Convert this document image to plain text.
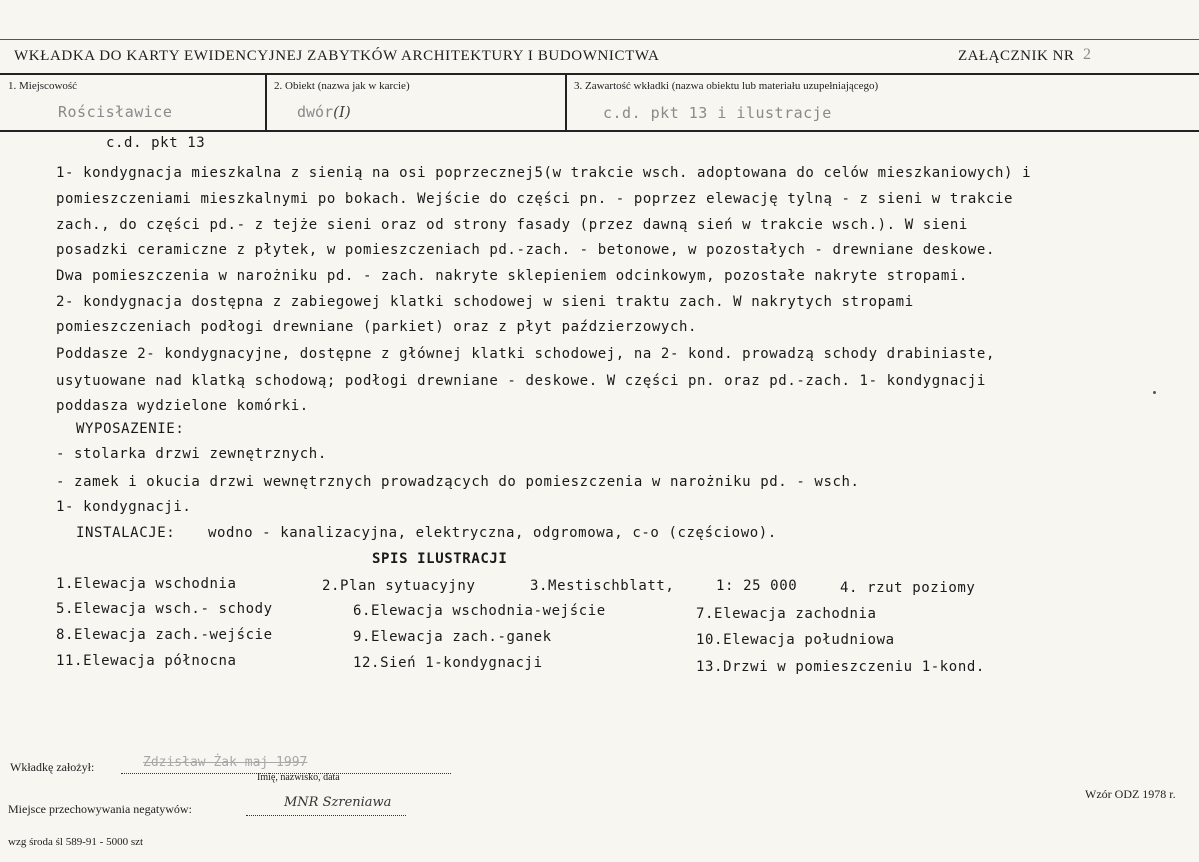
WKŁADKA DO KARTY EWIDENCYJNEJ ZABYTKÓW ARCHITEKTURY I BUDOWNICTWA	ZAŁĄCZNIK NR 2
1. Miejscowość
Rościsławice
2. Obiekt (nazwa jak w karcie)
dwór(I)
3. Zawartość wkładki (nazwa obiektu lub materiału uzupełniającego)
c.d. pkt 13 i ilustracje
c.d. pkt 13
1- kondygnacja mieszkalna z sienią na osi poprzecznej5(w trakcie wsch. adoptowana do celów mieszkaniowych) i
pomieszczeniami mieszkalnymi po bokach. Wejście do części pn. - poprzez elewację tylną - z sieni w trakcie
zach., do części pd.- z tejże sieni oraz od strony fasady (przez dawną sień w trakcie wsch.). W sieni
posadzki ceramiczne z płytek, w pomieszczeniach pd.-zach. - betonowe, w pozostałych - drewniane deskowe.
Dwa pomieszczenia w narożniku pd. - zach. nakryte sklepieniem odcinkowym, pozostałe nakryte stropami.
2- kondygnacja dostępna z zabiegowej klatki schodowej w sieni traktu zach. W nakrytych stropami
pomieszczeniach podłogi drewniane (parkiet) oraz z płyt paździerzowych.
Poddasze 2- kondygnacyjne, dostępne z głównej klatki schodowej, na 2- kond. prowadzą schody drabiniaste,
usytuowane nad klatką schodową; podłogi drewniane - deskowe. W części pn. oraz pd.-zach. 1- kondygnacji
poddasza wydzielone komórki.
WYPOSAZENIE:
- stolarka drzwi zewnętrznych.
- zamek i okucia drzwi wewnętrznych prowadzących do pomieszczenia w narożniku pd. - wsch.
1- kondygnacji.
INSTALACJE: wodno - kanalizacyjna, elektryczna, odgromowa, c-o (częściowo).
SPIS ILUSTRACJI
1.Elewacja wschodnia	2.Plan sytuacyjny	3.Mestischblatt,	1: 25 000	4. rzut poziomy
5.Elewacja wsch.- schody	6.Elewacja wschodnia-wejście	7.Elewacja zachodnia
8.Elewacja zach.-wejście	9.Elewacja zach.-ganek	10.Elewacja południowa
11.Elewacja północna	12.Sień 1-kondygnacji	13.Drzwi w pomieszczeniu 1-kond.
Wkładkę założył:	Zdzisław Żak maj 1997
Imię, nazwisko, data
Wzór ODZ 1978 r.
Miejsce przechowywania negatywów:	MNR Szreniawa
wzg środa śl 589-91 - 5000 szt
